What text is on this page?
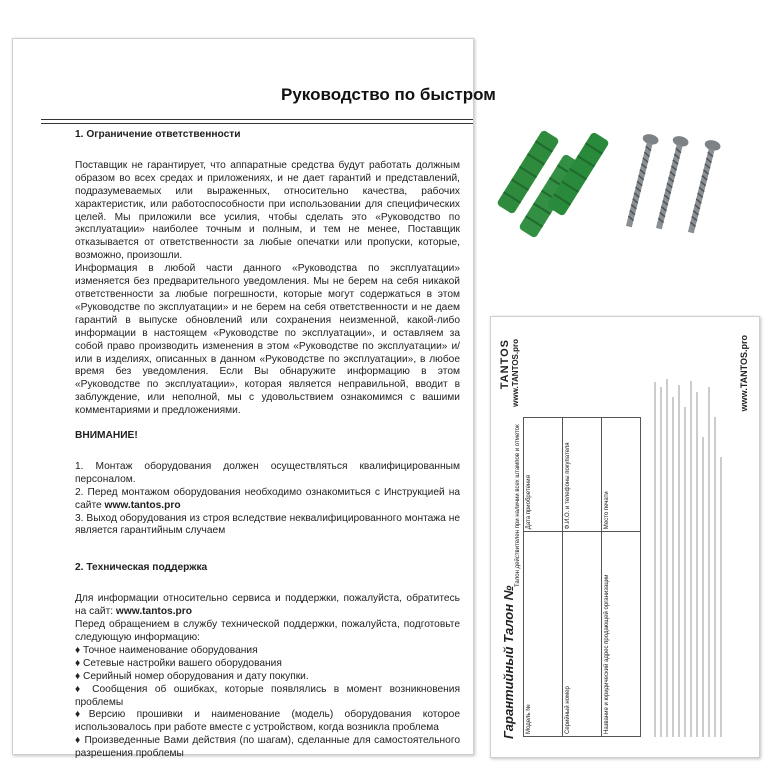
Руководство по быстром

1. Ограничение ответственности

Поставщик не гарантирует, что аппаратные средства будут работать должным образом во всех средах и приложениях, и не дает гарантий и представлений, подразумеваемых или выраженных, относительно качества, рабочих характеристик, или работоспособности при использовании для специфических целей. Мы приложили все усилия, чтобы сделать это «Руководство по эксплуатации» наиболее точным и полным, и тем не менее, Поставщик отказывается от ответственности за любые опечатки или пропуски, которые, возможно, произошли.

Информация в любой части данного «Руководства по эксплуатации» изменяется без предварительного уведомления. Мы не берем на себя никакой ответственности за любые погрешности, которые могут содержаться в этом «Руководстве по эксплуатации» и не берем на себя ответственности и не даем гарантий в выпуске обновлений или сохранения неизменной, какой-либо информации в настоящем «Руководстве по эксплуатации», и оставляем за собой право производить изменения в этом «Руководстве по эксплуатации» и/или в изделиях, описанных в данном «Руководстве по эксплуатации», в любое время без уведомления. Если Вы обнаружите информацию в этом «Руководстве по эксплуатации», которая является неправильной, вводит в заблуждение, или неполной, мы с удовольствием ознакомимся с вашими комментариями и предложениями.

ВНИМАНИЕ!

1. Монтаж оборудования должен осуществляться квалифицированным персоналом.

2. Перед монтажом оборудования необходимо ознакомиться с Инструкцией на сайте www.tantos.pro

3. Выход оборудования из строя вследствие неквалифицированного монтажа не является гарантийным случаем

2. Техническая поддержка

Для информации относительно сервиса и поддержки, пожалуйста, обратитесь на сайт: www.tantos.pro

Перед обращением в службу технической поддержки, пожалуйста, подготовьте следующую информацию:

♦ Точное наименование оборудования

♦ Сетевые настройки вашего оборудования

♦ Серийный номер оборудования и дату покупки.

♦ Сообщения об ошибках, которые появлялись в момент возникновения проблемы

♦Версию прошивки и наименование (модель) оборудования которое использовалось при работе вместе с устройством, когда возникла проблема

♦ Произведенные Вами действия (по шагам), сделанные для самостоятельного разрешения проблемы

Гарантийный Талон №
TANTOS www.TANTOS.pro
Талон действителен при наличии всех штампов и отметок
Модель №	Дата приобретения
Серийный номер	Ф.И.О. и телефоны покупателя
Название и юридический адрес продающей организации	Место печати
www.TANTOS.pro
